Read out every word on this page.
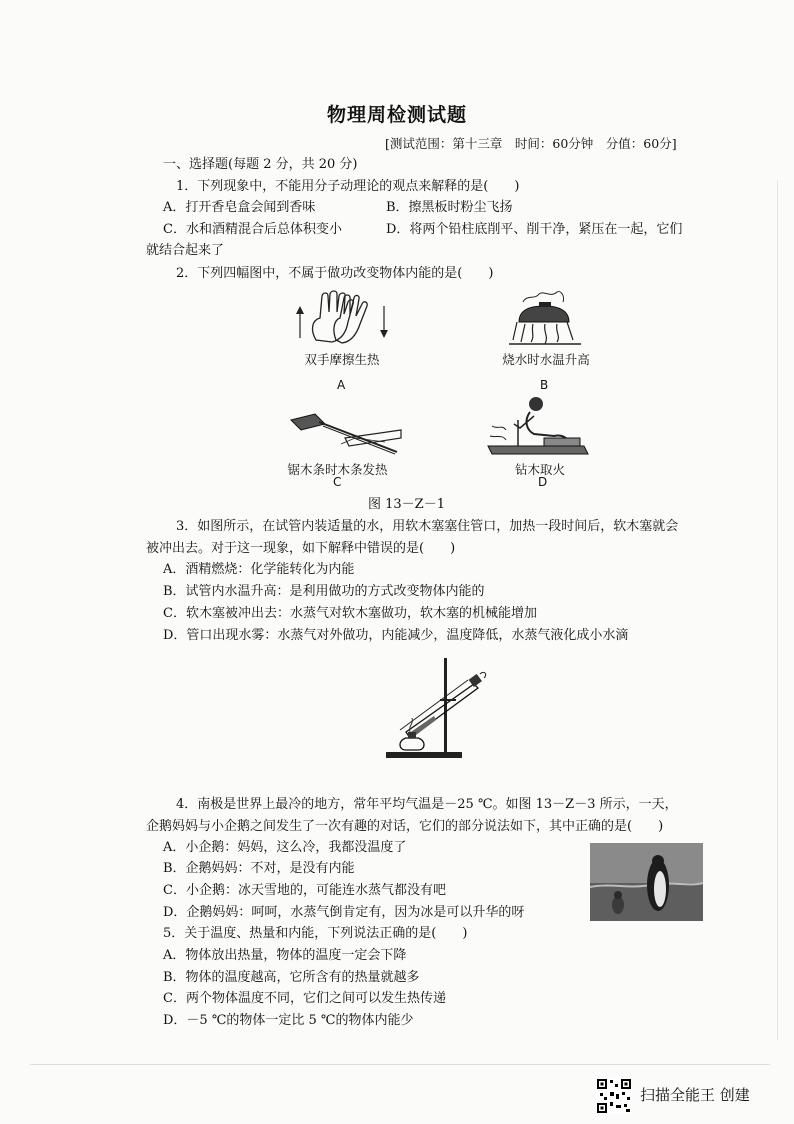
物理周检测试题
[测试范围：第十三章　时间：60分钟　分值：60分]
一、选择题(每题 2 分，共 20 分)
1．下列现象中，不能用分子动理论的观点来解释的是(　　)
A．打开香皂盒会闻到香味	B．擦黑板时粉尘飞扬
C．水和酒精混合后总体积变小	D．将两个铅柱底削平、削干净，紧压在一起，它们
就结合起来了
2．下列四幅图中，不属于做功改变物体内能的是(　　)
双手摩擦生热
A
烧水时水温升高
B
锯木条时木条发热
C
钻木取火
D
图 13－Z－1
3．如图所示，在试管内装适量的水，用软木塞塞住管口，加热一段时间后，软木塞就会
被冲出去。对于这一现象，如下解释中错误的是(　　)
A．酒精燃烧：化学能转化为内能
B．试管内水温升高：是利用做功的方式改变物体内能的
C．软木塞被冲出去：水蒸气对软木塞做功，软木塞的机械能增加
D．管口出现水雾：水蒸气对外做功，内能减少，温度降低，水蒸气液化成小水滴
4．南极是世界上最冷的地方，常年平均气温是－25 ℃。如图 13－Z－3 所示，一天，
企鹅妈妈与小企鹅之间发生了一次有趣的对话，它们的部分说法如下，其中正确的是(　　)
A．小企鹅：妈妈，这么冷，我都没温度了
B．企鹅妈妈：不对，是没有内能
C．小企鹅：冰天雪地的，可能连水蒸气都没有吧
D．企鹅妈妈：呵呵，水蒸气倒肯定有，因为冰是可以升华的呀
5．关于温度、热量和内能，下列说法正确的是(　　)
A．物体放出热量，物体的温度一定会下降
B．物体的温度越高，它所含有的热量就越多
C．两个物体温度不同，它们之间可以发生热传递
D．－5 ℃的物体一定比 5 ℃的物体内能少
扫描全能王 创建
